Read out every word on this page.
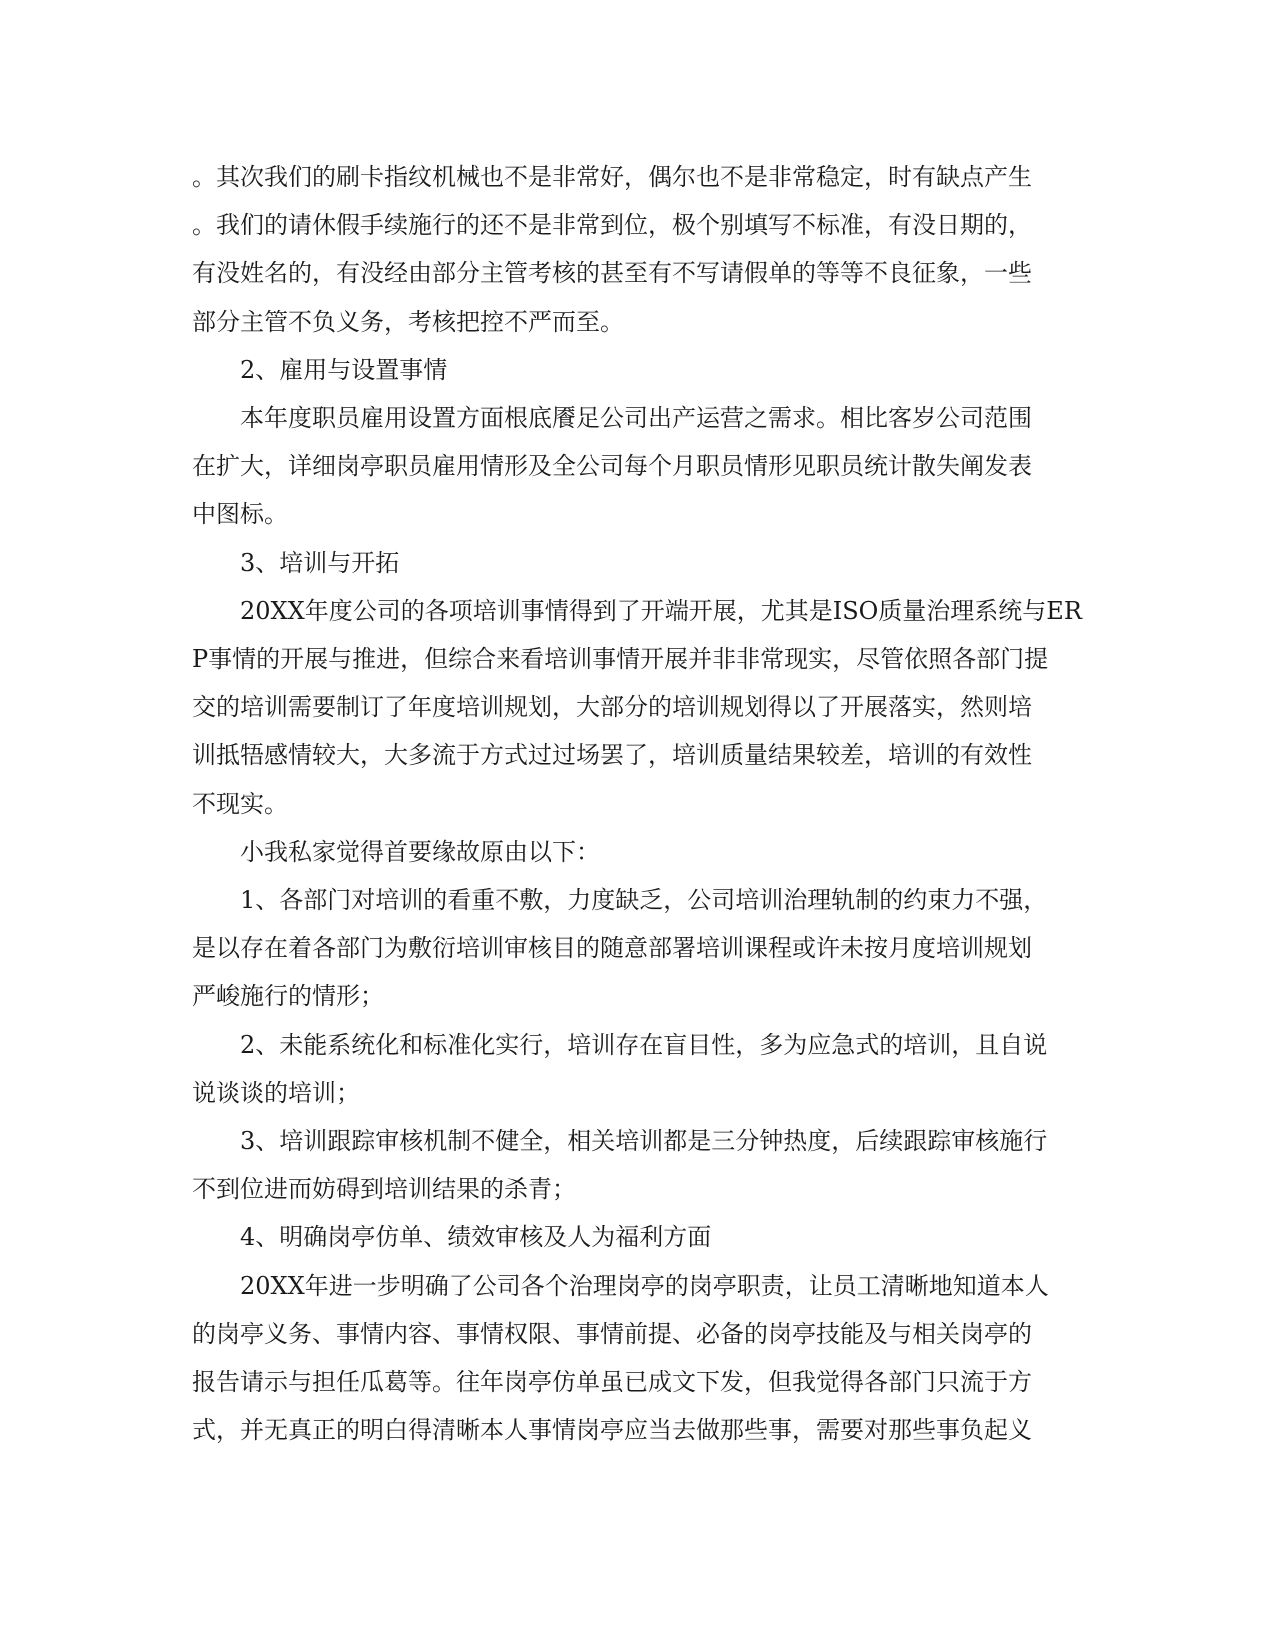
。其次我们的刷卡指纹机械也不是非常好，偶尔也不是非常稳定，时有缺点产生

。我们的请休假手续施行的还不是非常到位，极个别填写不标准，有没日期的，

有没姓名的，有没经由部分主管考核的甚至有不写请假单的等等不良征象，一些

部分主管不负义务，考核把控不严而至。

2、雇用与设置事情

本年度职员雇用设置方面根底餍足公司出产运营之需求。相比客岁公司范围

在扩大，详细岗亭职员雇用情形及全公司每个月职员情形见职员统计散失阐发表

中图标。

3、培训与开拓

20XX年度公司的各项培训事情得到了开端开展，尤其是ISO质量治理系统与ER

P事情的开展与推进，但综合来看培训事情开展并非非常现实，尽管依照各部门提

交的培训需要制订了年度培训规划，大部分的培训规划得以了开展落实，然则培

训抵牾感情较大，大多流于方式过过场罢了，培训质量结果较差，培训的有效性

不现实。

小我私家觉得首要缘故原由以下：

1、各部门对培训的看重不敷，力度缺乏，公司培训治理轨制的约束力不强，

是以存在着各部门为敷衍培训审核目的随意部署培训课程或许未按月度培训规划

严峻施行的情形；

2、未能系统化和标准化实行，培训存在盲目性，多为应急式的培训，且自说

说谈谈的培训；

3、培训跟踪审核机制不健全，相关培训都是三分钟热度，后续跟踪审核施行

不到位进而妨碍到培训结果的杀青；

4、明确岗亭仿单、绩效审核及人为福利方面

20XX年进一步明确了公司各个治理岗亭的岗亭职责，让员工清晰地知道本人

的岗亭义务、事情内容、事情权限、事情前提、必备的岗亭技能及与相关岗亭的

报告请示与担任瓜葛等。往年岗亭仿单虽已成文下发，但我觉得各部门只流于方

式，并无真正的明白得清晰本人事情岗亭应当去做那些事，需要对那些事负起义
